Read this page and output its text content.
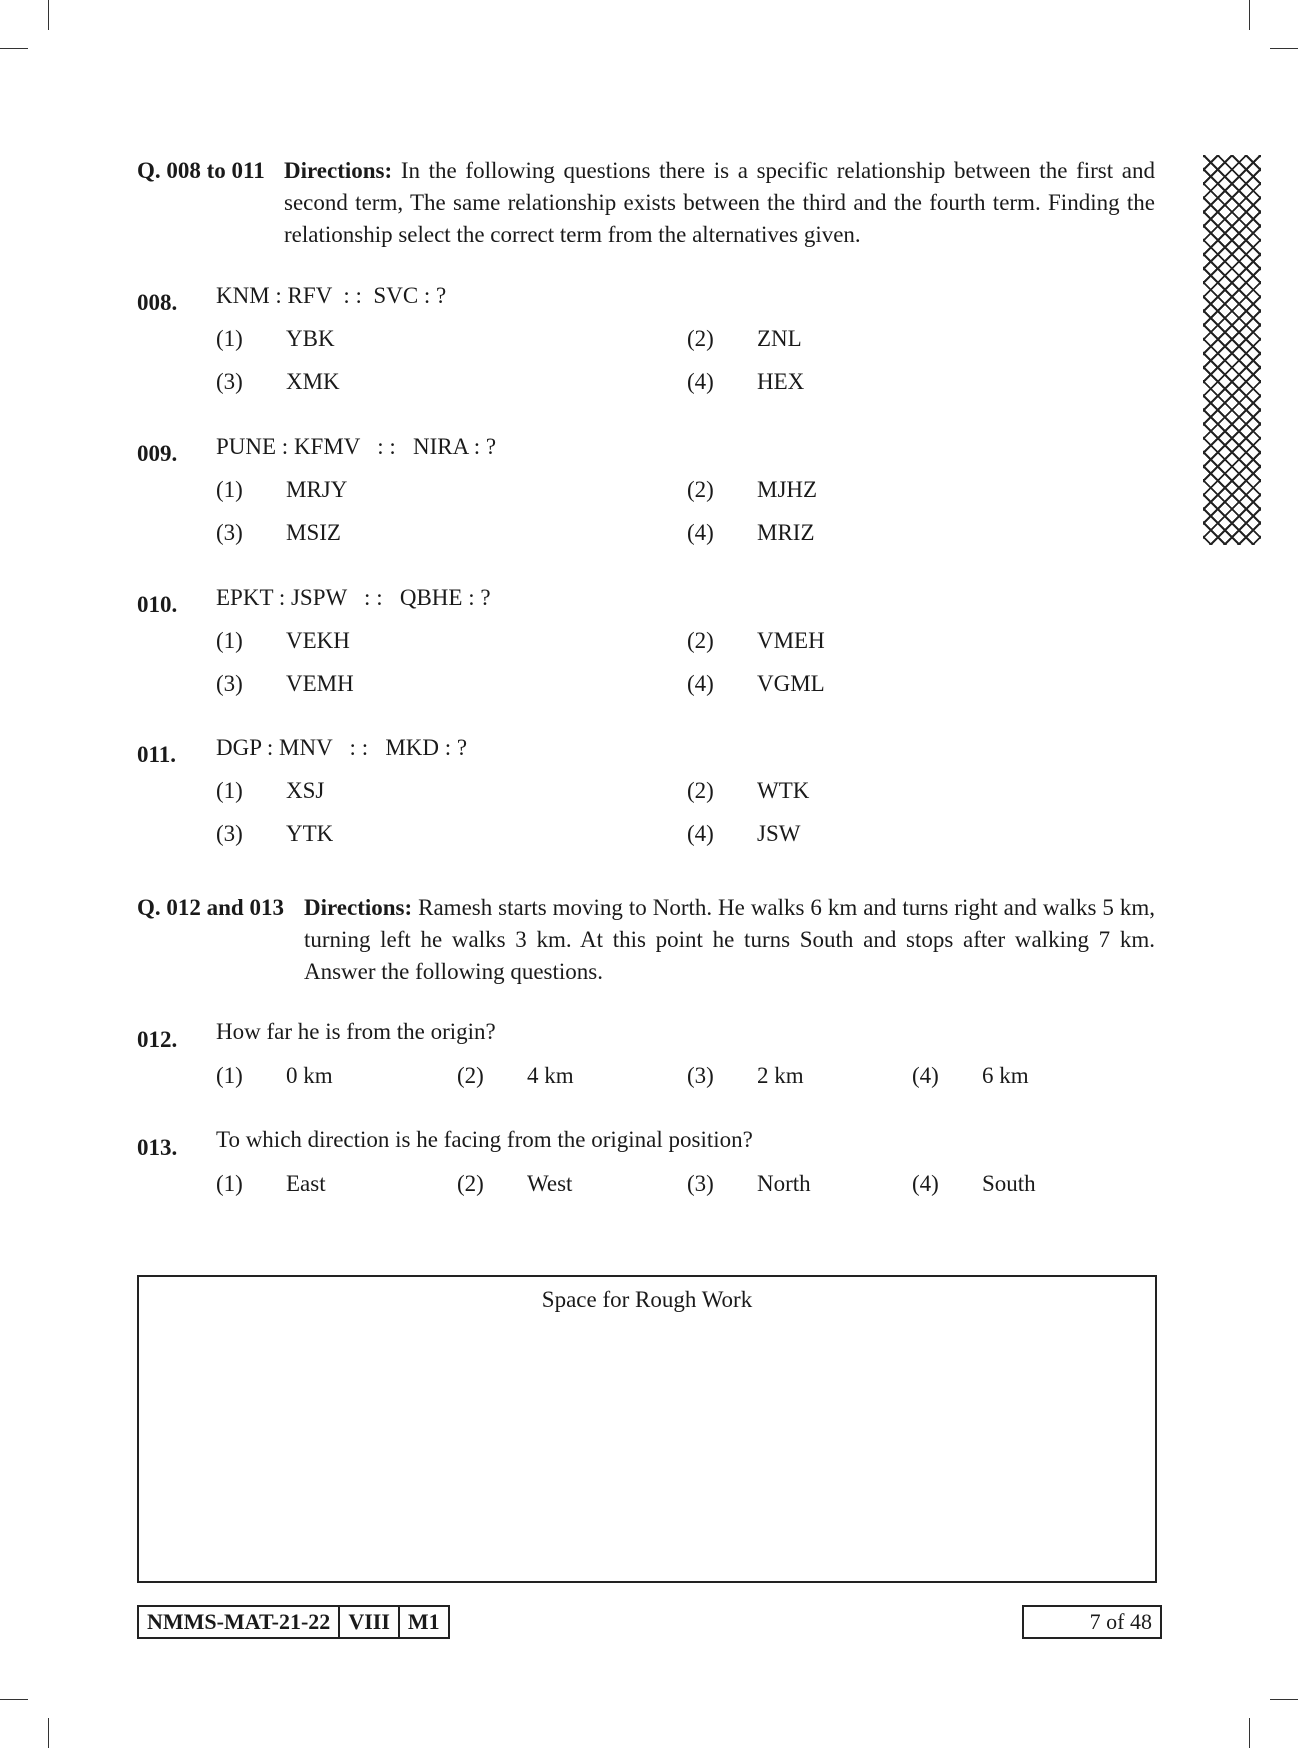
Q. 008 to 011 Directions: In the following questions there is a specific relationship between the first and second term, The same relationship exists between the third and the fourth term. Finding the relationship select the correct term from the alternatives given.
008. KNM : RFV  : :  SVC : ?
(1) YBK	(2) ZNL
(3) XMK	(4) HEX
009. PUNE : KFMV   : :   NIRA : ?
(1) MRJY	(2) MJHZ
(3) MSIZ	(4) MRIZ
010. EPKT : JSPW   : :   QBHE : ?
(1) VEKH	(2) VMEH
(3) VEMH	(4) VGML
011. DGP : MNV   : :   MKD : ?
(1) XSJ	(2) WTK
(3) YTK	(4) JSW
Q. 012 and 013 Directions: Ramesh starts moving to North. He walks 6 km and turns right and walks 5 km, turning left he walks 3 km. At this point he turns South and stops after walking 7 km. Answer the following questions.
012. How far he is from the origin?
(1) 0 km	(2) 4 km	(3) 2 km	(4) 6 km
013. To which direction is he facing from the original position?
(1) East	(2) West	(3) North	(4) South
Space for Rough Work
NMMS-MAT-21-22 VIII M1	7 of 48
